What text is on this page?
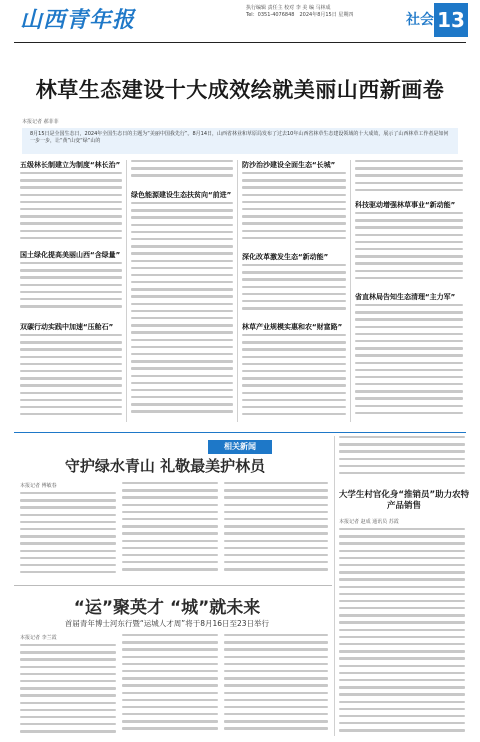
山西青年报	执行编辑 责任主 校对 李 美 编 马林成
Tel：0351-4076848　2024年8月15日 星期四	社会 13
林草生态建设十大成效绘就美丽山西新画卷
本报记者 郝菲菲
8月15日是全国生态日，2024年全国生态日的主题为“美丽中国我先行”。8月14日，山西省林业和草原局发布了过去10年山西省林草生态建设领域的十大成效，展示了山西林草工作者是如何一步一步，让“黄”山变“绿”山的
五级林长制建立为制度“林长治”
国土绿化提高美丽山西“含绿量”
双碳行动实践中加速“压舱石”
绿色能源建设生态扶贫向“前进”
防沙治沙建设全面生态“长城”
深化改革激发生态“新动能”
林草产业规模实惠和农“财富路”
科技驱动增强林草事业“新动能”
省直林局告知生态清理“主力军”
相关新闻
守护绿水青山 礼敬最美护林员
本报记者 傅敏春
大学生村官化身“推销员”助力农特产品销售
本报记者 赵成 通讯员 苏霞
“运”聚英才 “城”就未来
首届青年博士河东行暨“运城人才周”将于8月16日至23日举行
本报记者 李兰霞
